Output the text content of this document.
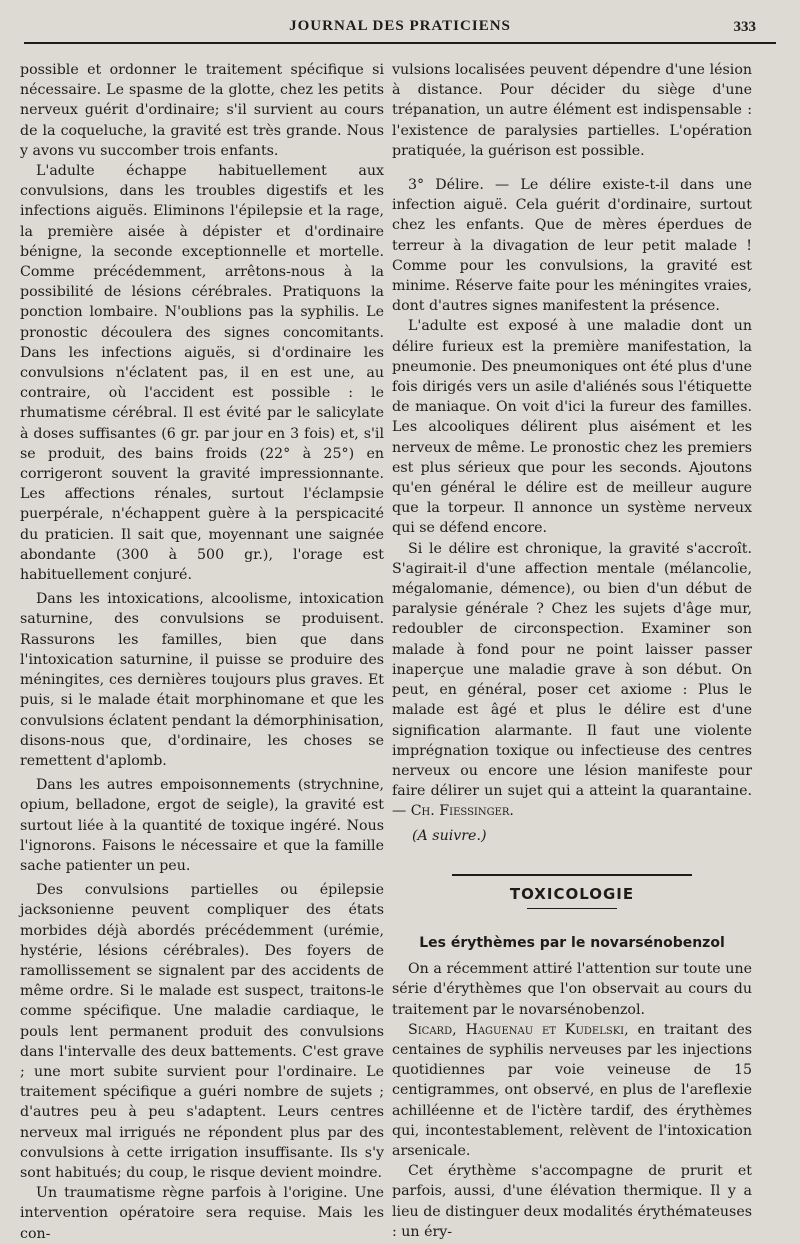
JOURNAL DES PRATICIENS	333

possible et ordonner le traitement spécifique si nécessaire. Le spasme de la glotte, chez les petits nerveux guérit d'ordinaire; s'il survient au cours de la coqueluche, la gravité est très grande. Nous y avons vu succomber trois enfants.

L'adulte échappe habituellement aux convulsions, dans les troubles digestifs et les infections aiguës. Eliminons l'épilepsie et la rage, la première aisée à dépister et d'ordinaire bénigne, la seconde exceptionnelle et mortelle. Comme précédemment, arrêtons-nous à la possibilité de lésions cérébrales. Pratiquons la ponction lombaire. N'oublions pas la syphilis. Le pronostic découlera des signes concomitants. Dans les infections aiguës, si d'ordinaire les convulsions n'éclatent pas, il en est une, au contraire, où l'accident est possible : le rhumatisme cérébral. Il est évité par le salicylate à doses suffisantes (6 gr. par jour en 3 fois) et, s'il se produit, des bains froids (22° à 25°) en corrigeront souvent la gravité impressionnante. Les affections rénales, surtout l'éclampsie puerpérale, n'échappent guère à la perspicacité du praticien. Il sait que, moyennant une saignée abondante (300 à 500 gr.), l'orage est habituellement conjuré.

Dans les intoxications, alcoolisme, intoxication saturnine, des convulsions se produisent. Rassurons les familles, bien que dans l'intoxication saturnine, il puisse se produire des méningites, ces dernières toujours plus graves. Et puis, si le malade était morphinomane et que les convulsions éclatent pendant la démorphinisation, disons-nous que, d'ordinaire, les choses se remettent d'aplomb.

Dans les autres empoisonnements (strychnine, opium, belladone, ergot de seigle), la gravité est surtout liée à la quantité de toxique ingéré. Nous l'ignorons. Faisons le nécessaire et que la famille sache patienter un peu.

Des convulsions partielles ou épilepsie jacksonienne peuvent compliquer des états morbides déjà abordés précédemment (urémie, hystérie, lésions cérébrales). Des foyers de ramollissement se signalent par des accidents de même ordre. Si le malade est suspect, traitons-le comme spécifique. Une maladie cardiaque, le pouls lent permanent produit des convulsions dans l'intervalle des deux battements. C'est grave ; une mort subite survient pour l'ordinaire. Le traitement spécifique a guéri nombre de sujets ; d'autres peu à peu s'adaptent. Leurs centres nerveux mal irrigués ne répondent plus par des convulsions à cette irrigation insuffisante. Ils s'y sont habitués; du coup, le risque devient moindre.

Un traumatisme règne parfois à l'origine. Une intervention opératoire sera requise. Mais les con-

vulsions localisées peuvent dépendre d'une lésion à distance. Pour décider du siège d'une trépanation, un autre élément est indispensable : l'existence de paralysies partielles. L'opération pratiquée, la guérison est possible.

3° Délire. — Le délire existe-t-il dans une infection aiguë. Cela guérit d'ordinaire, surtout chez les enfants. Que de mères éperdues de terreur à la divagation de leur petit malade ! Comme pour les convulsions, la gravité est minime. Réserve faite pour les méningites vraies, dont d'autres signes manifestent la présence.

L'adulte est exposé à une maladie dont un délire furieux est la première manifestation, la pneumonie. Des pneumoniques ont été plus d'une fois dirigés vers un asile d'aliénés sous l'étiquette de maniaque. On voit d'ici la fureur des familles. Les alcooliques délirent plus aisément et les nerveux de même. Le pronostic chez les premiers est plus sérieux que pour les seconds. Ajoutons qu'en général le délire est de meilleur augure que la torpeur. Il annonce un système nerveux qui se défend encore.

Si le délire est chronique, la gravité s'accroît. S'agirait-il d'une affection mentale (mélancolie, mégalomanie, démence), ou bien d'un début de paralysie générale ? Chez les sujets d'âge mur, redoubler de circonspection. Examiner son malade à fond pour ne point laisser passer inaperçue une maladie grave à son début. On peut, en général, poser cet axiome : Plus le malade est âgé et plus le délire est d'une signification alarmante. Il faut une violente imprégnation toxique ou infectieuse des centres nerveux ou encore une lésion manifeste pour faire délirer un sujet qui a atteint la quarantaine. — Ch. Fiessinger.

(A suivre.)

TOXICOLOGIE
Les érythèmes par le novarsénobenzol

On a récemment attiré l'attention sur toute une série d'érythèmes que l'on observait au cours du traitement par le novarsénobenzol.

Sicard, Haguenau et Kudelski, en traitant des centaines de syphilis nerveuses par les injections quotidiennes par voie veineuse de 15 centigrammes, ont observé, en plus de l'areflexie achilléenne et de l'ictère tardif, des érythèmes qui, incontestablement, relèvent de l'intoxication arsenicale.

Cet érythème s'accompagne de prurit et parfois, aussi, d'une élévation thermique. Il y a lieu de distinguer deux modalités érythémateuses : un éry-
